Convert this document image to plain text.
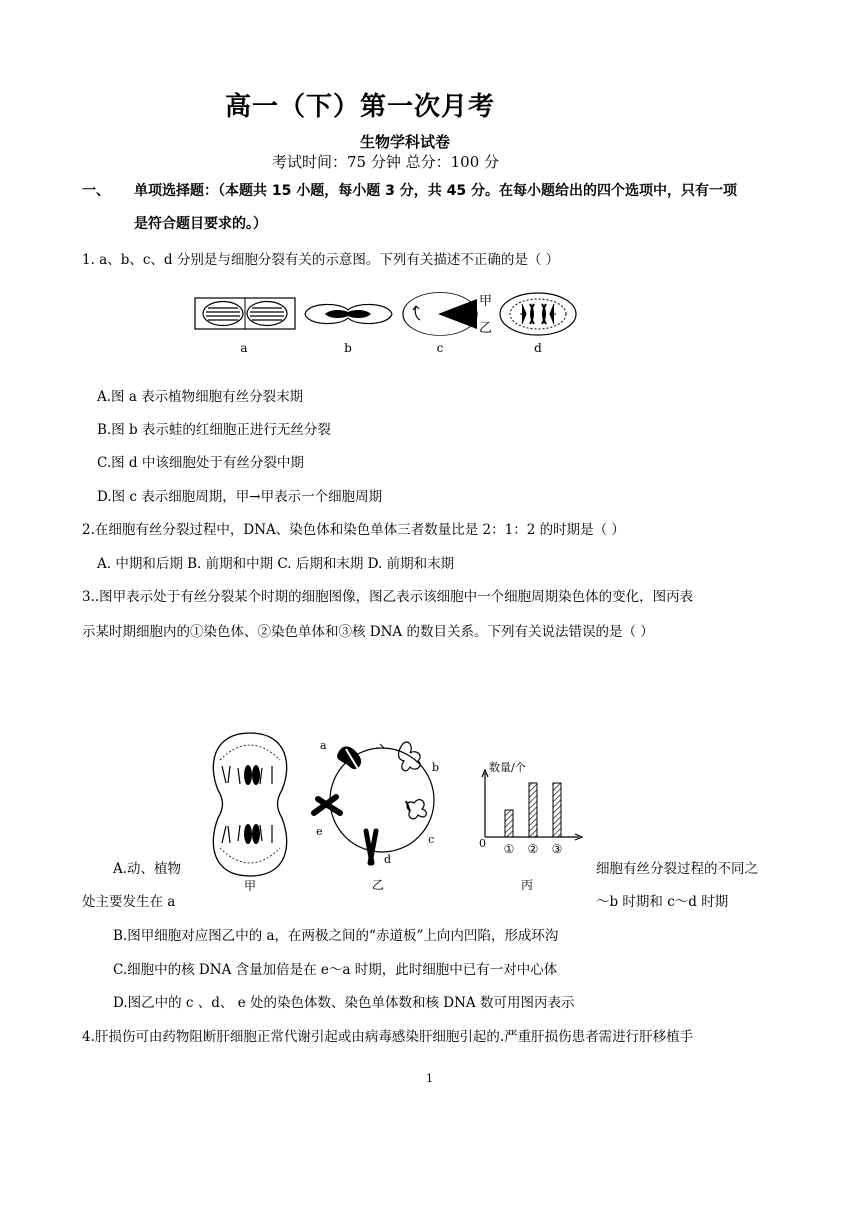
高一（下）第一次月考
生物学科试卷
考试时间：75 分钟 总分：100 分
一、 单项选择题：（本题共 15 小题，每小题 3 分，共 45 分。在每小题给出的四个选项中，只有一项
是符合题目要求的。）
1. a、b、c、d 分别是与细胞分裂有关的示意图。下列有关描述不正确的是（ ）
a	b	c	d
甲
乙
A.图 a 表示植物细胞有丝分裂末期
B.图 b 表示蛙的红细胞正进行无丝分裂
C.图 d 中该细胞处于有丝分裂中期
D.图 c 表示细胞周期，甲→甲表示一个细胞周期
2.在细胞有丝分裂过程中，DNA、染色体和染色单体三者数量比是 2：1：2 的时期是（ ）
A. 中期和后期 B. 前期和中期 C. 后期和末期 D. 前期和末期
3..图甲表示处于有丝分裂某个时期的细胞图像，图乙表示该细胞中一个细胞周期染色体的变化，图丙表
示某时期细胞内的①染色体、②染色单体和③核 DNA 的数目关系。下列有关说法错误的是（ ）
甲
a
b
c
d
e
乙
数量/个
0 ① ② ③
丙
A.动、植物	细胞有丝分裂过程的不同之
处主要发生在 a	～b 时期和 c～d 时期
B.图甲细胞对应图乙中的 a，在两极之间的“赤道板”上向内凹陷，形成环沟
C.细胞中的核 DNA 含量加倍是在 e～a 时期，此时细胞中已有一对中心体
D.图乙中的 c 、d、 e 处的染色体数、染色单体数和核 DNA 数可用图丙表示
4.肝损伤可由药物阻断肝细胞正常代谢引起或由病毒感染肝细胞引起的.严重肝损伤患者需进行肝移植手
1
